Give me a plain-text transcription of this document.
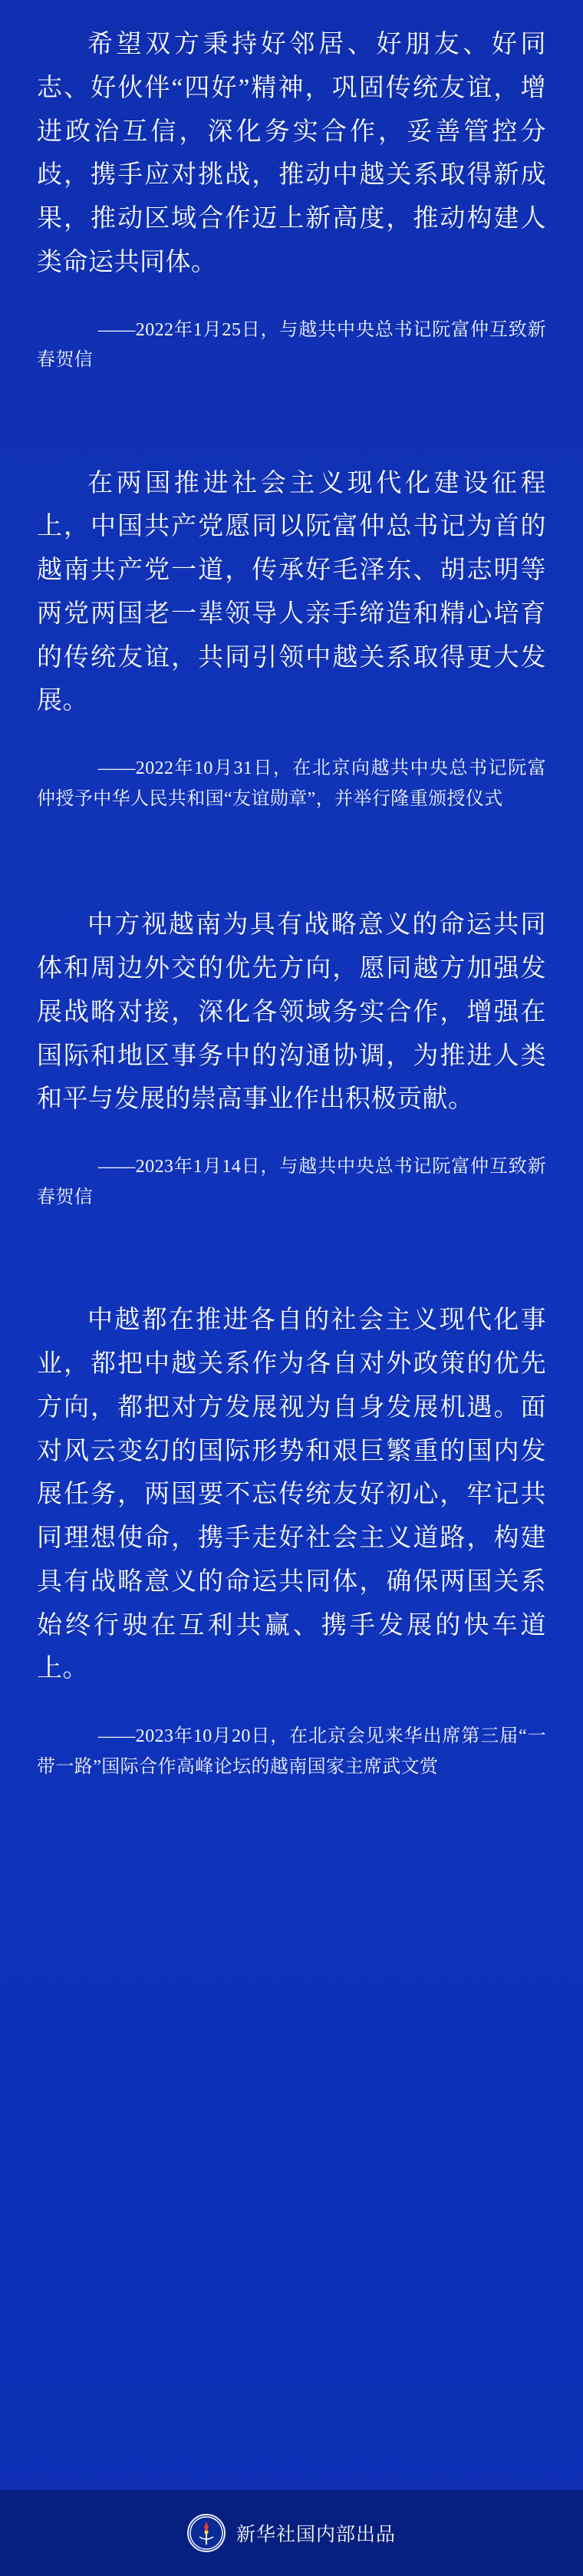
希望双方秉持好邻居、好朋友、好同志、好伙伴“四好”精神，巩固传统友谊，增进政治互信，深化务实合作，妥善管控分歧，携手应对挑战，推动中越关系取得新成果，推动区域合作迈上新高度，推动构建人类命运共同体。
——2022年1月25日，与越共中央总书记阮富仲互致新春贺信
在两国推进社会主义现代化建设征程上，中国共产党愿同以阮富仲总书记为首的越南共产党一道，传承好毛泽东、胡志明等两党两国老一辈领导人亲手缔造和精心培育的传统友谊，共同引领中越关系取得更大发展。
——2022年10月31日，在北京向越共中央总书记阮富仲授予中华人民共和国“友谊勋章”，并举行隆重颁授仪式
中方视越南为具有战略意义的命运共同体和周边外交的优先方向，愿同越方加强发展战略对接，深化各领域务实合作，增强在国际和地区事务中的沟通协调，为推进人类和平与发展的崇高事业作出积极贡献。
——2023年1月14日，与越共中央总书记阮富仲互致新春贺信
中越都在推进各自的社会主义现代化事业，都把中越关系作为各自对外政策的优先方向，都把对方发展视为自身发展机遇。面对风云变幻的国际形势和艰巨繁重的国内发展任务，两国要不忘传统友好初心，牢记共同理想使命，携手走好社会主义道路，构建具有战略意义的命运共同体，确保两国关系始终行驶在互利共赢、携手发展的快车道上。
——2023年10月20日，在北京会见来华出席第三届“一带一路”国际合作高峰论坛的越南国家主席武文赏
新华社国内部出品
